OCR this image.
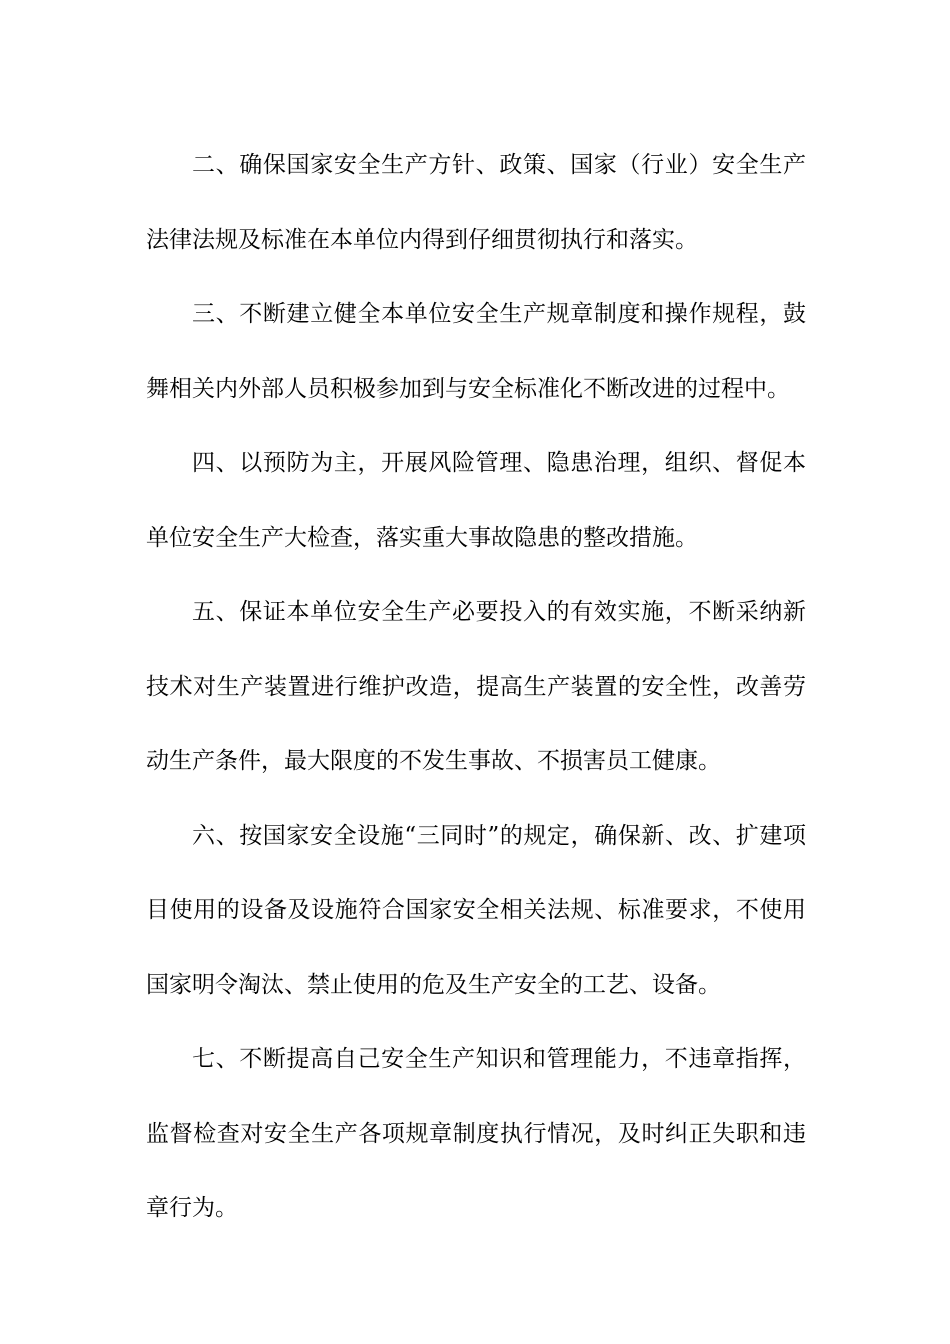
二、确保国家安全生产方针、政策、国家（行业）安全生产法律法规及标准在本单位内得到仔细贯彻执行和落实。

三、不断建立健全本单位安全生产规章制度和操作规程，鼓舞相关内外部人员积极参加到与安全标准化不断改进的过程中。

四、以预防为主，开展风险管理、隐患治理，组织、督促本单位安全生产大检查，落实重大事故隐患的整改措施。

五、保证本单位安全生产必要投入的有效实施，不断采纳新技术对生产装置进行维护改造，提高生产装置的安全性，改善劳动生产条件，最大限度的不发生事故、不损害员工健康。

六、按国家安全设施“三同时”的规定，确保新、改、扩建项目使用的设备及设施符合国家安全相关法规、标准要求，不使用国家明令淘汰、禁止使用的危及生产安全的工艺、设备。

七、不断提高自己安全生产知识和管理能力，不违章指挥，监督检查对安全生产各项规章制度执行情况，及时纠正失职和违章行为。
